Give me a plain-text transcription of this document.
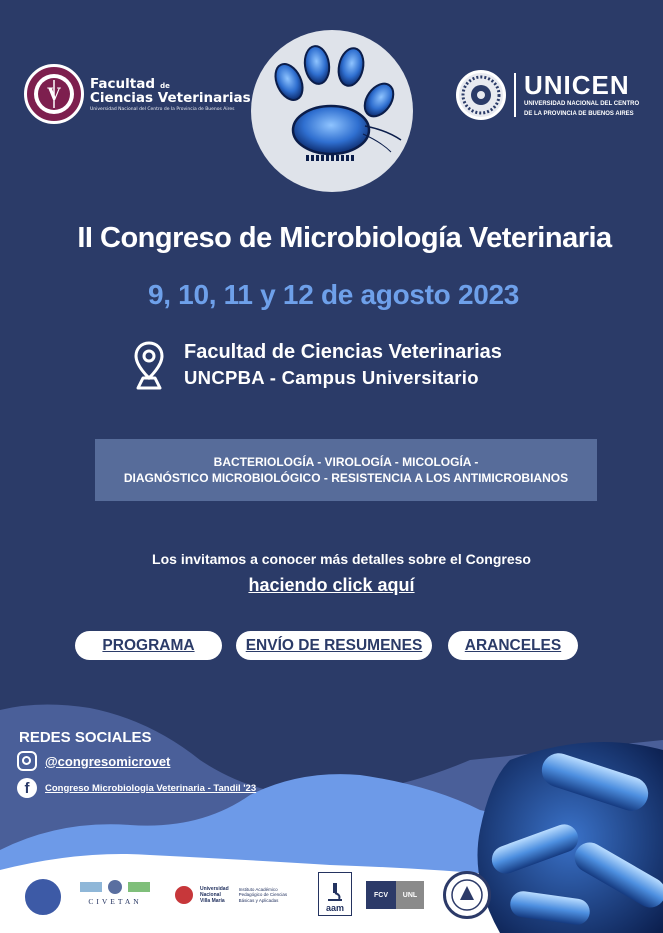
V
Facultad de
Ciencias Veterinarias
Universidad Nacional del Centro de la Provincia de Buenos Aires
UNICEN
UNIVERSIDAD NACIONAL DEL CENTRO
DE LA PROVINCIA DE BUENOS AIRES
II Congreso de Microbiología Veterinaria
9, 10, 11 y 12 de agosto 2023
Facultad de Ciencias Veterinarias
UNCPBA - Campus Universitario
BACTERIOLOGÍA - VIROLOGÍA - MICOLOGÍA -
DIAGNÓSTICO MICROBIOLÓGICO - RESISTENCIA A LOS ANTIMICROBIANOS
Los invitamos a conocer más detalles sobre el Congreso
haciendo click aquí
PROGRAMA	ENVÍO DE RESUMENES	ARANCELES
REDES SOCIALES
@congresomicrovet
f	Congreso Microbiologia Veterinaria - Tandil '23
CIVETAN
Universidad
Nacional
Villa María
Instituto Académico
Pedagógico de Ciencias
Básicas y Aplicadas
aam
FCV	UNL
